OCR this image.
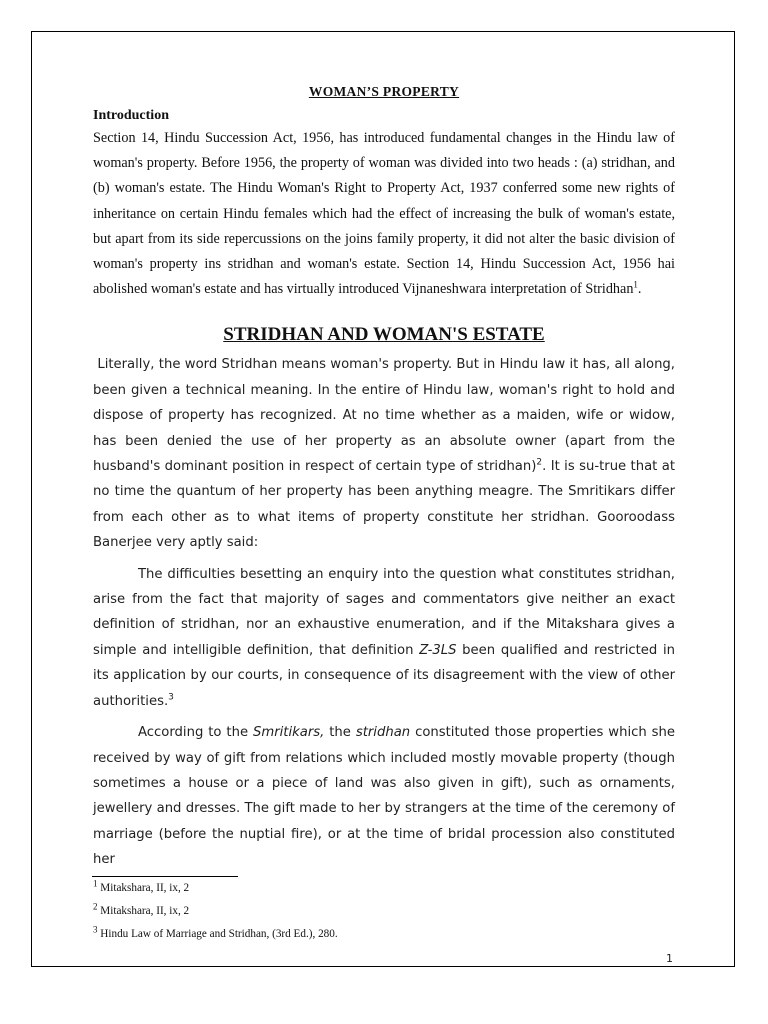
WOMAN’S PROPERTY
Introduction

Section 14, Hindu Succession Act, 1956, has introduced fundamental changes in the Hindu law of woman's property. Before 1956, the property of woman was divided into two heads : (a) stridhan, and (b) woman's estate. The Hindu Woman's Right to Property Act, 1937 conferred some new rights of inheritance on certain Hindu females which had the effect of increasing the bulk of woman's estate, but apart from its side repercussions on the joins family property, it did not alter the basic division of woman's property ins stridhan and woman's estate. Section 14, Hindu Succession Act, 1956 hai abolished woman's estate and has virtually introduced Vijnaneshwara interpretation of Stridhan$^1$.

STRIDHAN AND WOMAN'S ESTATE

Literally, the word Stridhan means woman's property. But in Hindu law it has, all along, been given a technical meaning. In the entire of Hindu law, woman's right to hold and dispose of property has recognized. At no time whether as a maiden, wife or widow, has been denied the use of her property as an absolute owner (apart from the husband's dominant position in respect of certain type of stridhan)$^2$. It is su-true that at no time the quantum of her property has been anything meagre. The Smritikars differ from each other as to what items of property constitute her stridhan. Gooroodass Banerjee very aptly said:

The difficulties besetting an enquiry into the question what constitutes stridhan, arise from the fact that majority of sages and commentators give neither an exact definition of stridhan, nor an exhaustive enumeration, and if the Mitakshara gives a simple and intelligible definition, that definition Z-3LS been qualified and restricted in its application by our courts, in consequence of its disagreement with the view of other authorities.$^3$

According to the Smritikars, the stridhan constituted those properties which she received by way of gift from relations which included mostly movable property (though sometimes a house or a piece of land was also given in gift), such as ornaments, jewellery and dresses. The gift made to her by strangers at the time of the ceremony of marriage (before the nuptial fire), or at the time of bridal procession also constituted her

$^1$ Mitakshara, II, ix, 2
$^2$ Mitakshara, II, ix, 2
$^3$ Hindu Law of Marriage and Stridhan, (3rd Ed.), 280.
1
